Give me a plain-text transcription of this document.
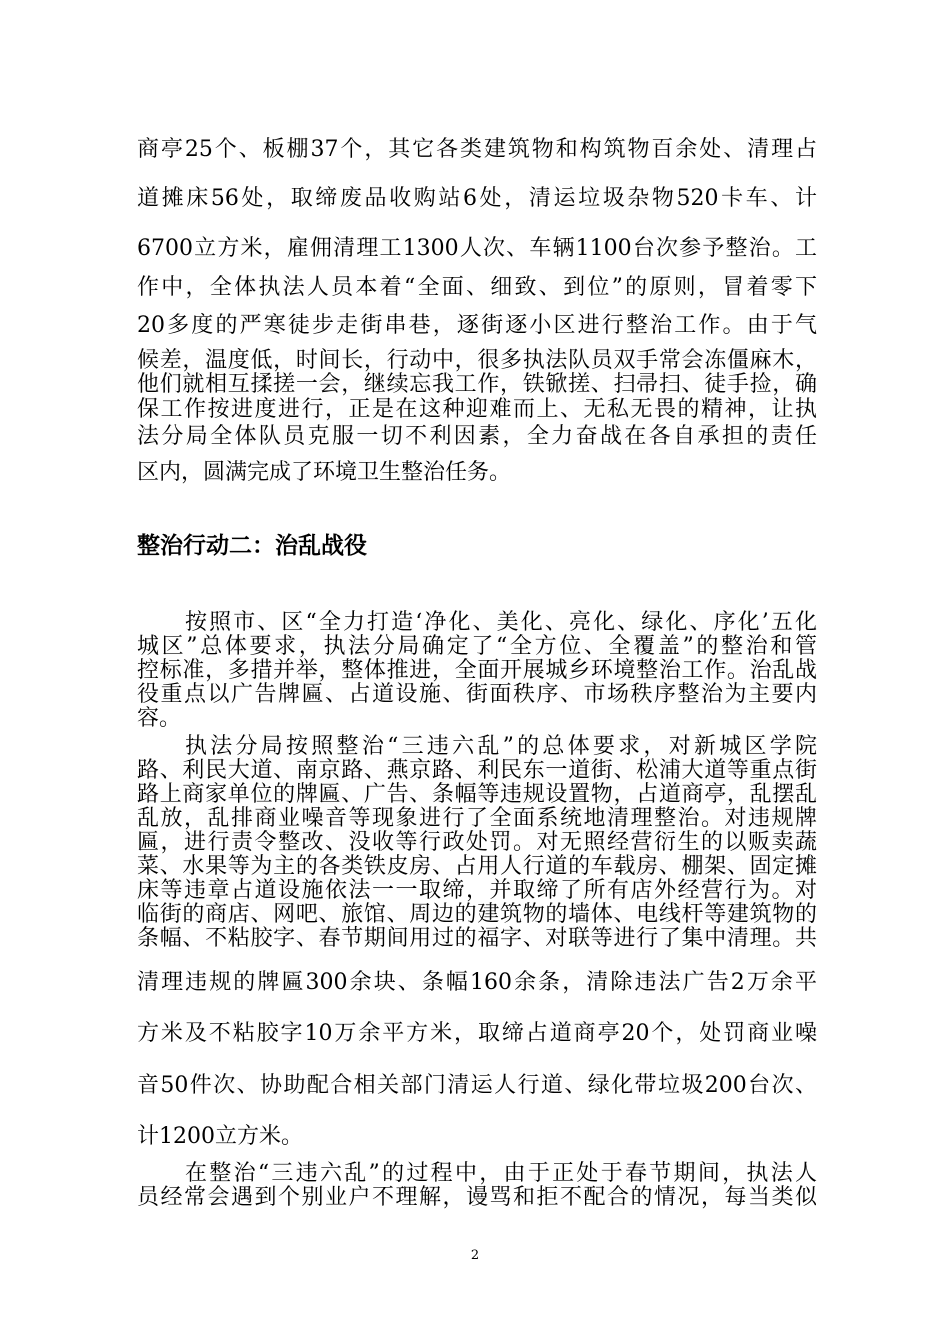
商亭25个、板棚37个，其它各类建筑物和构筑物百余处、清理占
道摊床56处，取缔废品收购站6处，清运垃圾杂物520卡车、计
6700立方米，雇佣清理工1300人次、车辆1100台次参予整治。工
作中，全体执法人员本着“全面、细致、到位”的原则，冒着零下
20多度的严寒徒步走街串巷，逐街逐小区进行整治工作。由于气
候差，温度低，时间长，行动中，很多执法队员双手常会冻僵麻木，
他们就相互揉搓一会，继续忘我工作，铁锨搓、扫帚扫、徒手捡，确
保工作按进度进行，正是在这种迎难而上、无私无畏的精神，让执
法分局全体队员克服一切不利因素，全力奋战在各自承担的责任
区内，圆满完成了环境卫生整治任务。
整治行动二：治乱战役
按照市、区“全力打造‘净化、美化、亮化、绿化、序化’五化
城区”总体要求，执法分局确定了“全方位、全覆盖”的整治和管
控标准，多措并举，整体推进，全面开展城乡环境整治工作。治乱战
役重点以广告牌匾、占道设施、街面秩序、市场秩序整治为主要内
容。
执法分局按照整治“三违六乱”的总体要求，对新城区学院
路、利民大道、南京路、燕京路、利民东一道街、松浦大道等重点街
路上商家单位的牌匾、广告、条幅等违规设置物，占道商亭，乱摆乱
乱放，乱排商业噪音等现象进行了全面系统地清理整治。对违规牌
匾，进行责令整改、没收等行政处罚。对无照经营衍生的以贩卖蔬
菜、水果等为主的各类铁皮房、占用人行道的车载房、棚架、固定摊
床等违章占道设施依法一一取缔，并取缔了所有店外经营行为。对
临街的商店、网吧、旅馆、周边的建筑物的墙体、电线杆等建筑物的
条幅、不粘胶字、春节期间用过的福字、对联等进行了集中清理。共
清理违规的牌匾300余块、条幅160余条，清除违法广告2万余平
方米及不粘胶字10万余平方米，取缔占道商亭20个，处罚商业噪
音50件次、协助配合相关部门清运人行道、绿化带垃圾200台次、
计1200立方米。
在整治“三违六乱”的过程中，由于正处于春节期间，执法人
员经常会遇到个别业户不理解，谩骂和拒不配合的情况，每当类似
2
